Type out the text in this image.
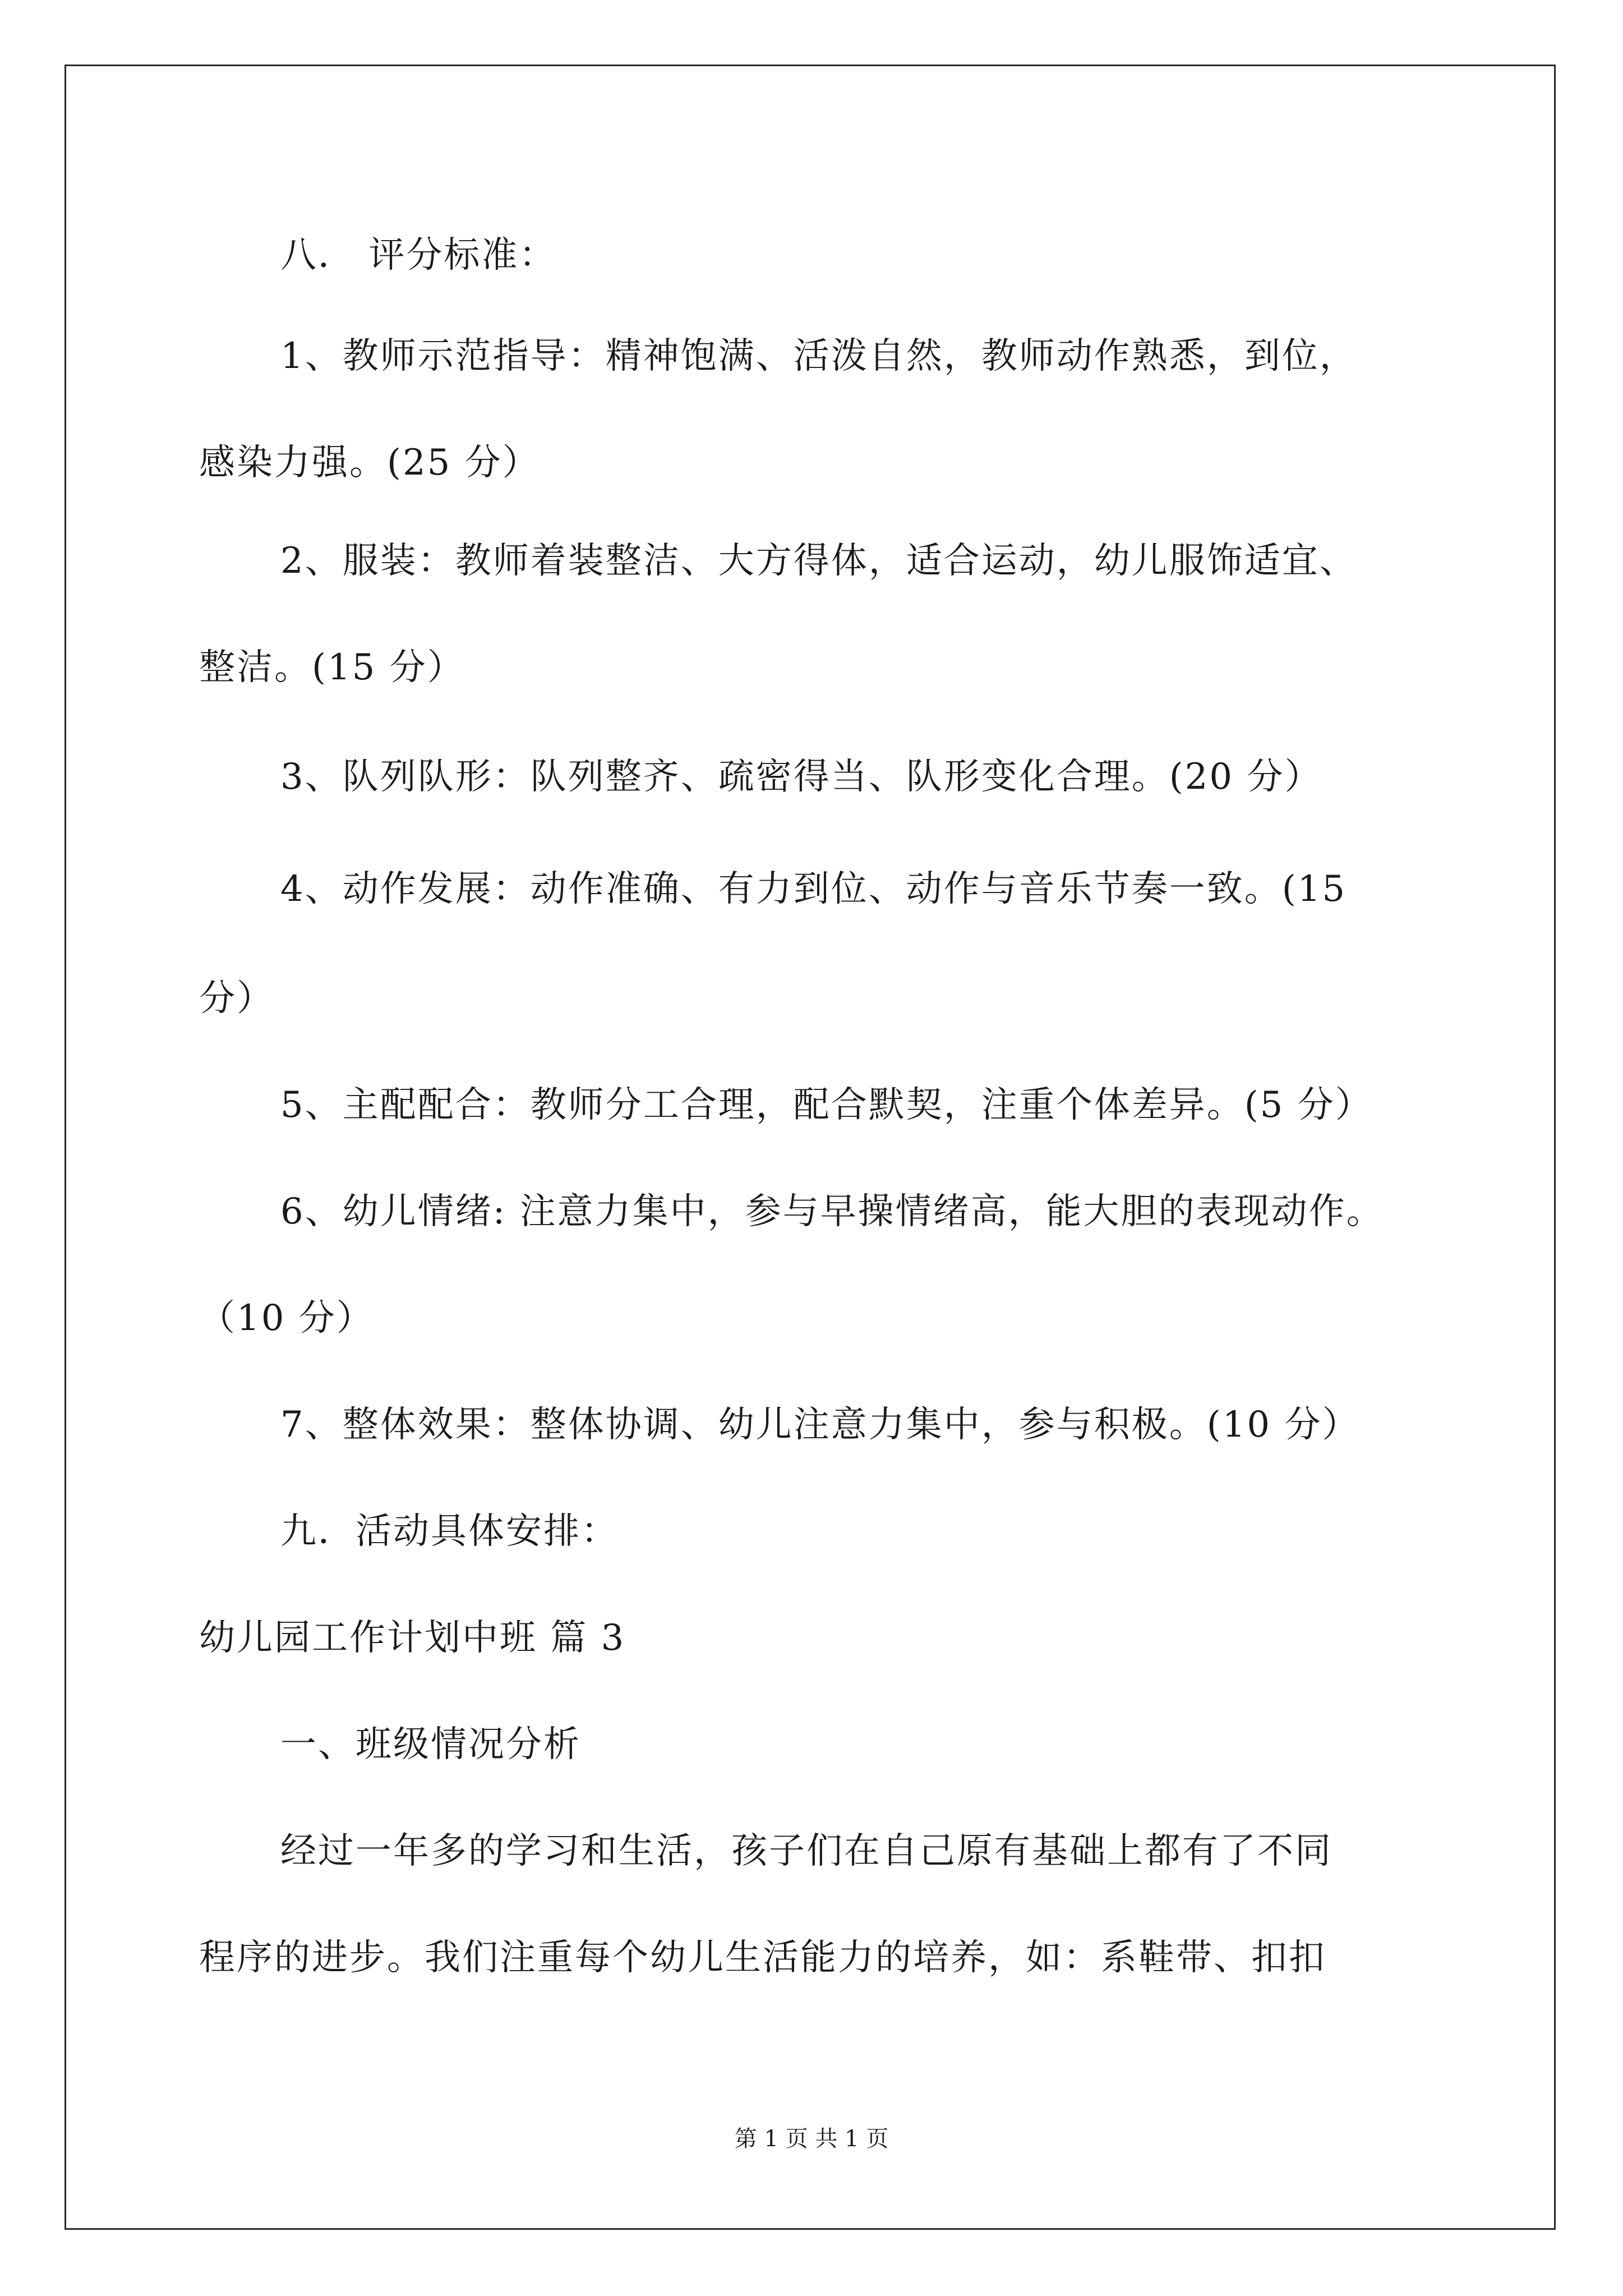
八． 评分标准：
1、教师示范指导：精神饱满、活泼自然，教师动作熟悉，到位，
感染力强。(25 分）
2、服装：教师着装整洁、大方得体，适合运动，幼儿服饰适宜、
整洁。(15 分）
3、队列队形：队列整齐、疏密得当、队形变化合理。(20 分）
4、动作发展：动作准确、有力到位、动作与音乐节奏一致。(15
分）
5、主配配合：教师分工合理，配合默契，注重个体差异。(5 分）
6、幼儿情绪: 注意力集中，参与早操情绪高，能大胆的表现动作。
（10 分）
7、整体效果：整体协调、幼儿注意力集中，参与积极。(10 分）
九．活动具体安排：
幼儿园工作计划中班 篇 3
一、班级情况分析
经过一年多的学习和生活，孩子们在自己原有基础上都有了不同
程序的进步。我们注重每个幼儿生活能力的培养，如：系鞋带、扣扣
第 1 页 共 1 页
